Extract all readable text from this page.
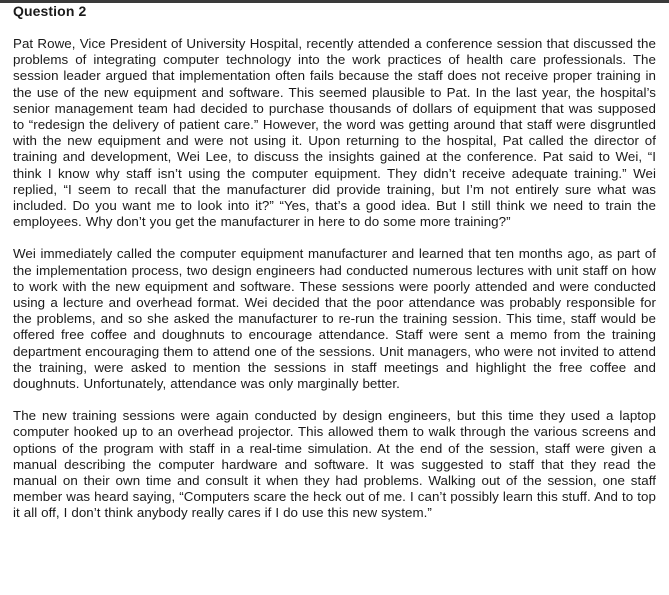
Question 2

Pat Rowe, Vice President of University Hospital, recently attended a conference session that discussed the problems of integrating computer technology into the work practices of health care professionals. The session leader argued that implementation often fails because the staff does not receive proper training in the use of the new equipment and software. This seemed plausible to Pat. In the last year, the hospital’s senior management team had decided to purchase thousands of dollars of equipment that was supposed to “redesign the delivery of patient care.” However, the word was getting around that staff were disgruntled with the new equipment and were not using it. Upon returning to the hospital, Pat called the director of training and development, Wei Lee, to discuss the insights gained at the conference. Pat said to Wei, “I think I know why staff isn’t using the computer equipment. They didn’t receive adequate training.” Wei replied, “I seem to recall that the manufacturer did provide training, but I’m not entirely sure what was included. Do you want me to look into it?” “Yes, that’s a good idea. But I still think we need to train the employees. Why don’t you get the manufacturer in here to do some more training?”

Wei immediately called the computer equipment manufacturer and learned that ten months ago, as part of the implementation process, two design engineers had conducted numerous lectures with unit staff on how to work with the new equipment and software. These sessions were poorly attended and were conducted using a lecture and overhead format. Wei decided that the poor attendance was probably responsible for the problems, and so she asked the manufacturer to re-run the training session. This time, staff would be offered free coffee and doughnuts to encourage attendance. Staff were sent a memo from the training department encouraging them to attend one of the sessions. Unit managers, who were not invited to attend the training, were asked to mention the sessions in staff meetings and highlight the free coffee and doughnuts. Unfortunately, attendance was only marginally better.

The new training sessions were again conducted by design engineers, but this time they used a laptop computer hooked up to an overhead projector. This allowed them to walk through the various screens and options of the program with staff in a real-time simulation. At the end of the session, staff were given a manual describing the computer hardware and software. It was suggested to staff that they read the manual on their own time and consult it when they had problems. Walking out of the session, one staff member was heard saying, “Computers scare the heck out of me. I can’t possibly learn this stuff. And to top it all off, I don’t think anybody really cares if I do use this new system.”
